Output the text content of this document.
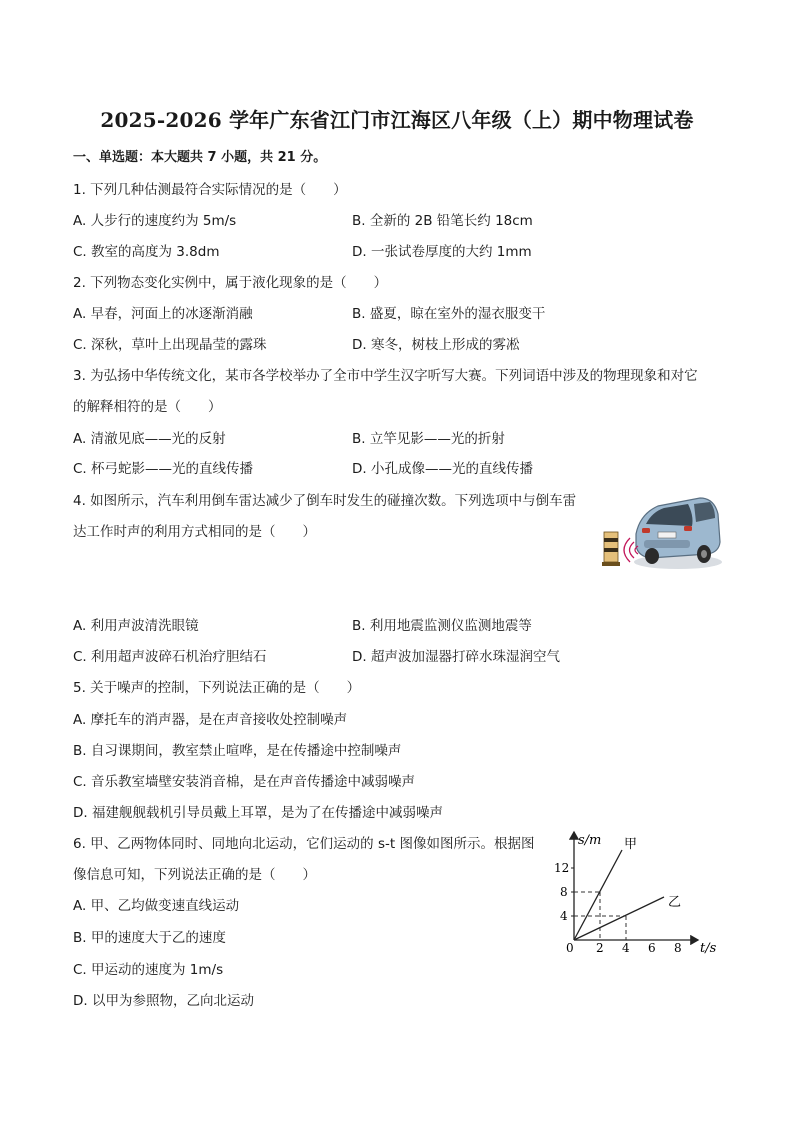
2025-2026 学年广东省江门市江海区八年级（上）期中物理试卷
一、单选题：本大题共 7 小题，共 21 分。
1. 下列几种估测最符合实际情况的是（　　）
A. 人步行的速度约为 5m/s	B. 全新的 2B 铅笔长约 18cm
C. 教室的高度为 3.8dm	D. 一张试卷厚度的大约 1mm
2. 下列物态变化实例中，属于液化现象的是（　　）
A. 早春，河面上的冰逐渐消融	B. 盛夏，晾在室外的湿衣服变干
C. 深秋，草叶上出现晶莹的露珠	D. 寒冬，树枝上形成的雾凇
3. 为弘扬中华传统文化，某市各学校举办了全市中学生汉字听写大赛。下列词语中涉及的物理现象和对它
的解释相符的是（　　）
A. 清澈见底——光的反射	B. 立竿见影——光的折射
C. 杯弓蛇影——光的直线传播	D. 小孔成像——光的直线传播
4. 如图所示，汽车利用倒车雷达减少了倒车时发生的碰撞次数。下列选项中与倒车雷
达工作时声的利用方式相同的是（　　）
A. 利用声波清洗眼镜	B. 利用地震监测仪监测地震等
C. 利用超声波碎石机治疗胆结石	D. 超声波加湿器打碎水珠湿润空气
5. 关于噪声的控制，下列说法正确的是（　　）
A. 摩托车的消声器，是在声音接收处控制噪声
B. 自习课期间，教室禁止喧哗，是在传播途中控制噪声
C. 音乐教室墙壁安装消音棉，是在声音传播途中减弱噪声
D. 福建舰舰载机引导员戴上耳罩，是为了在传播途中减弱噪声
6. 甲、乙两物体同时、同地向北运动，它们运动的 s-t 图像如图所示。根据图
像信息可知，下列说法正确的是（　　）
A. 甲、乙均做变速直线运动
B. 甲的速度大于乙的速度
C. 甲运动的速度为 1m/s
D. 以甲为参照物，乙向北运动
s/m
t/s
0
4
8
12
2 4 6 8
甲
乙
